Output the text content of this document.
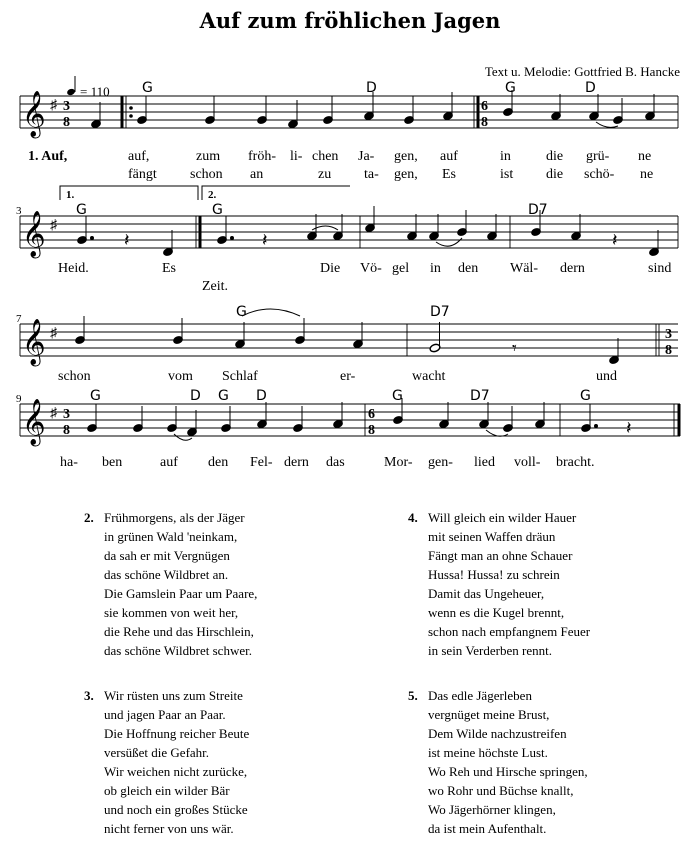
Auf zum fröhlichen Jagen
Text u. Melodie: Gottfried B. Hancke
𝄞 ♯ 3
8
= 110
6
8
G	D	G	D
1. Auf,	auf,	zum fröh- li- chen Ja- gen, auf	in	die grü- ne
fängt schon an	zu ta- gen, Es	ist die schö- ne
1.	2.
3 𝄞 ♯
𝄽	𝄽	𝄽
G	G	D7
Heid.	Es	Die Vö- gel in den Wäl- dern	sind
Zeit.
7 𝄞 ♯	3
8
𝄾
G	D7
schon	vom Schlaf	er-	wacht	und
9 𝄞 ♯ 3
8
6
8	𝄽
G	D G D	G	D7	G
ha- ben	auf den Fel- dern das	Mor- gen- lied voll- bracht.
2. Frühmorgens, als der Jäger
in grünen Wald 'neinkam,
da sah er mit Vergnügen
das schöne Wildbret an.
Die Gamslein Paar um Paare,
sie kommen von weit her,
die Rehe und das Hirschlein,
das schöne Wildbret schwer.
3. Wir rüsten uns zum Streite
und jagen Paar an Paar.
Die Hoffnung reicher Beute
versüßet die Gefahr.
Wir weichen nicht zurücke,
ob gleich ein wilder Bär
und noch ein großes Stücke
nicht ferner von uns wär.
4. Will gleich ein wilder Hauer
mit seinen Waffen dräun
Fängt man an ohne Schauer
Hussa! Hussa! zu schrein
Damit das Ungeheuer,
wenn es die Kugel brennt,
schon nach empfangnem Feuer
in sein Verderben rennt.
5. Das edle Jägerleben
vergnüget meine Brust,
Dem Wilde nachzustreifen
ist meine höchste Lust.
Wo Reh und Hirsche springen,
wo Rohr und Büchse knallt,
Wo Jägerhörner klingen,
da ist mein Aufenthalt.
